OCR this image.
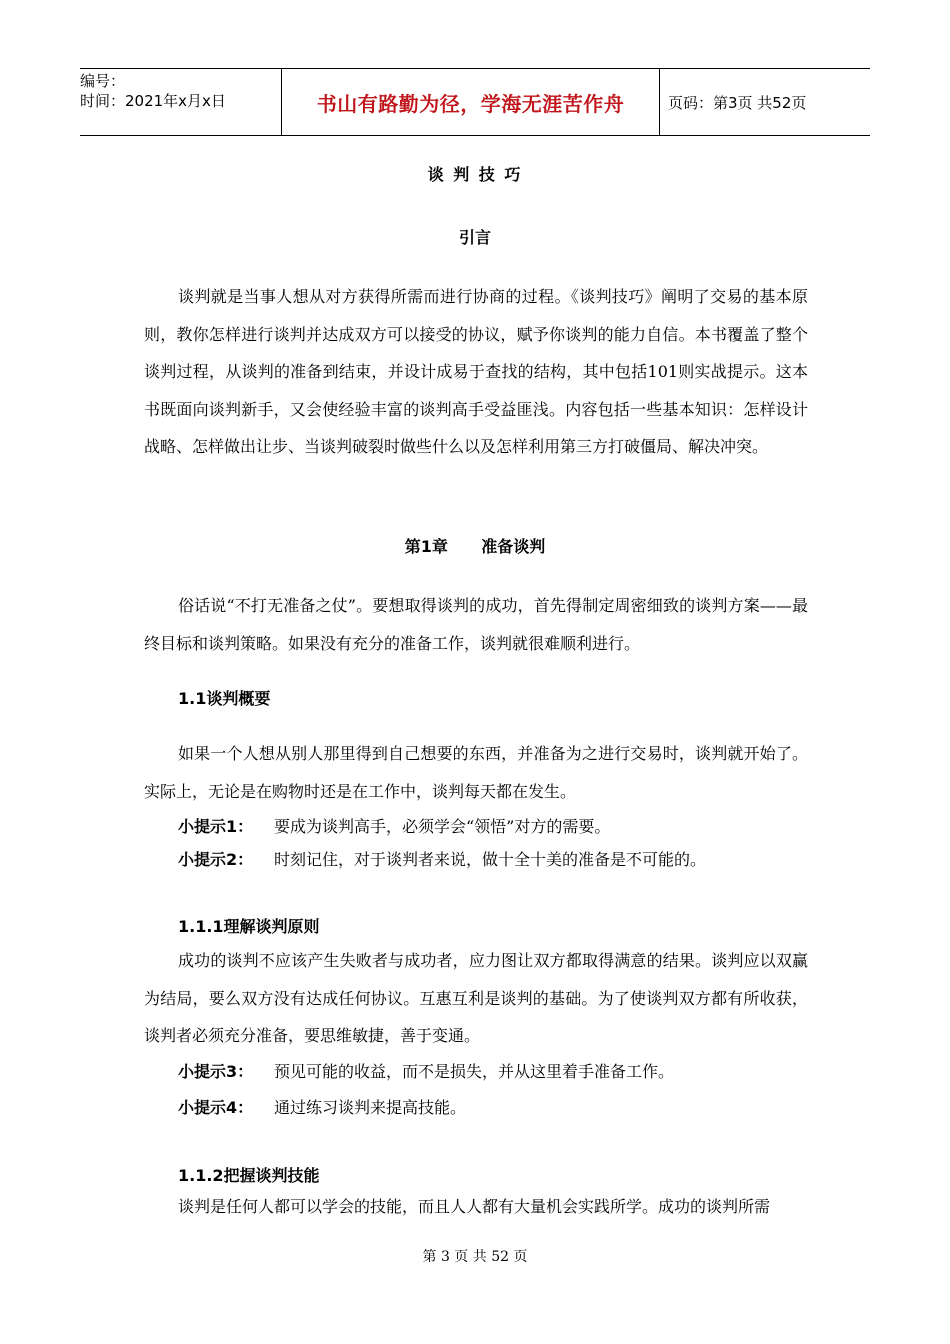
编号：
时间：2021年x月x日	书山有路勤为径，学海无涯苦作舟	页码：第3页 共52页
谈 判 技 巧
引言

谈判就是当事人想从对方获得所需而进行协商的过程。《谈判技巧》阐明了交易的基本原则，教你怎样进行谈判并达成双方可以接受的协议，赋予你谈判的能力自信。本书覆盖了整个谈判过程，从谈判的准备到结束，并设计成易于查找的结构，其中包括101则实战提示。这本书既面向谈判新手，又会使经验丰富的谈判高手受益匪浅。内容包括一些基本知识：怎样设计战略、怎样做出让步、当谈判破裂时做些什么以及怎样利用第三方打破僵局、解决冲突。

第1章      准备谈判

俗话说“不打无准备之仗”。要想取得谈判的成功，首先得制定周密细致的谈判方案——最终目标和谈判策略。如果没有充分的准备工作，谈判就很难顺利进行。

1.1谈判概要

如果一个人想从别人那里得到自己想要的东西，并准备为之进行交易时，谈判就开始了。实际上，无论是在购物时还是在工作中，谈判每天都在发生。

小提示1： 要成为谈判高手，必须学会“领悟”对方的需要。
小提示2： 时刻记住，对于谈判者来说，做十全十美的准备是不可能的。
1.1.1理解谈判原则

成功的谈判不应该产生失败者与成功者，应力图让双方都取得满意的结果。谈判应以双赢为结局，要么双方没有达成任何协议。互惠互利是谈判的基础。为了使谈判双方都有所收获，谈判者必须充分准备，要思维敏捷，善于变通。

小提示3： 预见可能的收益，而不是损失，并从这里着手准备工作。
小提示4： 通过练习谈判来提高技能。
1.1.2把握谈判技能

谈判是任何人都可以学会的技能，而且人人都有大量机会实践所学。成功的谈判所需

第 3 页 共 52 页
